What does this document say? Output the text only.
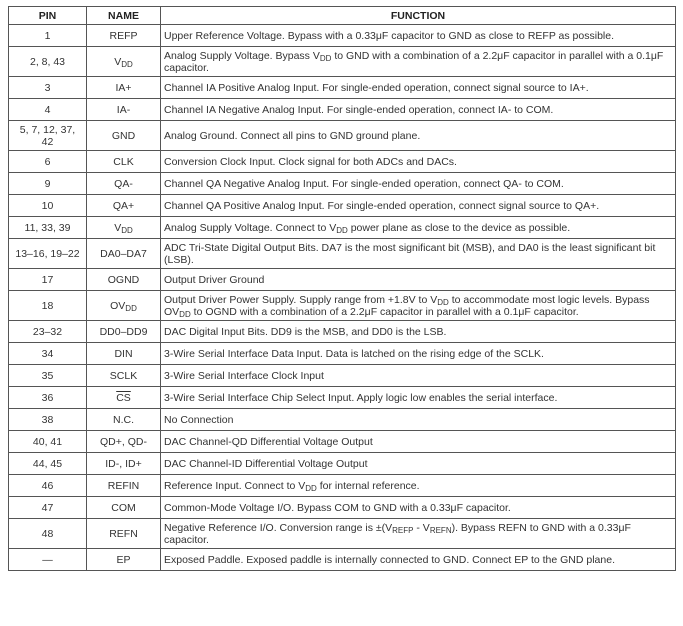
PIN	NAME	FUNCTION
1	REFP	Upper Reference Voltage. Bypass with a 0.33μF capacitor to GND as close to REFP as possible.
2, 8, 43	$V_{DD}$	Analog Supply Voltage. Bypass $V_{DD}$ to GND with a combination of a 2.2μF capacitor in parallel with a 0.1μF capacitor.
3	IA+	Channel IA Positive Analog Input. For single-ended operation, connect signal source to IA+.
4	IA-	Channel IA Negative Analog Input. For single-ended operation, connect IA- to COM.
5, 7, 12, 37, 42	GND	Analog Ground. Connect all pins to GND ground plane.
6	CLK	Conversion Clock Input. Clock signal for both ADCs and DACs.
9	QA-	Channel QA Negative Analog Input. For single-ended operation, connect QA- to COM.
10	QA+	Channel QA Positive Analog Input. For single-ended operation, connect signal source to QA+.
11, 33, 39	$V_{DD}$	Analog Supply Voltage. Connect to $V_{DD}$ power plane as close to the device as possible.
13–16, 19–22	DA0–DA7	ADC Tri-State Digital Output Bits. DA7 is the most significant bit (MSB), and DA0 is the least significant bit (LSB).
17	OGND	Output Driver Ground
18	$OV_{DD}$	Output Driver Power Supply. Supply range from +1.8V to $V_{DD}$ to accommodate most logic levels. Bypass $OV_{DD}$ to OGND with a combination of a 2.2μF capacitor in parallel with a 0.1μF capacitor.
23–32	DD0–DD9	DAC Digital Input Bits. DD9 is the MSB, and DD0 is the LSB.
34	DIN	3-Wire Serial Interface Data Input. Data is latched on the rising edge of the SCLK.
35	SCLK	3-Wire Serial Interface Clock Input
36	$\overline{CS}$	3-Wire Serial Interface Chip Select Input. Apply logic low enables the serial interface.
38	N.C.	No Connection
40, 41	QD+, QD-	DAC Channel-QD Differential Voltage Output
44, 45	ID-, ID+	DAC Channel-ID Differential Voltage Output
46	REFIN	Reference Input. Connect to $V_{DD}$ for internal reference.
47	COM	Common-Mode Voltage I/O. Bypass COM to GND with a 0.33μF capacitor.
48	REFN	Negative Reference I/O. Conversion range is $\pm(V_{REFP} - V_{REFN})$. Bypass REFN to GND with a 0.33μF capacitor.
—	EP	Exposed Paddle. Exposed paddle is internally connected to GND. Connect EP to the GND plane.
